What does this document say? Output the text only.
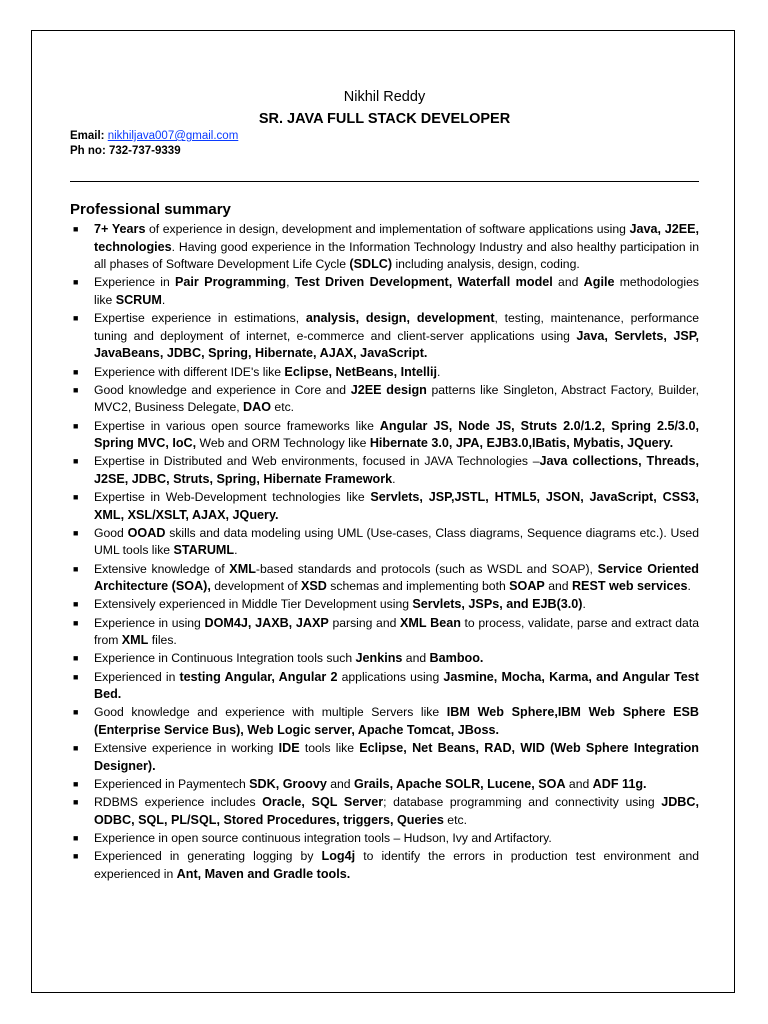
Nikhil Reddy
SR. JAVA FULL STACK DEVELOPER
Email: nikhiljava007@gmail.com
Ph no: 732-737-9339
Professional summary
■ 7+ Years of experience in design, development and implementation of software applications using Java, J2EE, technologies. Having good experience in the Information Technology Industry and also healthy participation in all phases of Software Development Life Cycle (SDLC) including analysis, design, coding.
■ Experience in Pair Programming, Test Driven Development, Waterfall model and Agile methodologies like SCRUM.
■ Expertise experience in estimations, analysis, design, development, testing, maintenance, performance tuning and deployment of internet, e-commerce and client-server applications using Java, Servlets, JSP, JavaBeans, JDBC, Spring, Hibernate, AJAX, JavaScript.
■ Experience with different IDE's like Eclipse, NetBeans, Intellij.
■ Good knowledge and experience in Core and J2EE design patterns like Singleton, Abstract Factory, Builder, MVC2, Business Delegate, DAO etc.
■ Expertise in various open source frameworks like Angular JS, Node JS, Struts 2.0/1.2, Spring 2.5/3.0, Spring MVC, IoC, Web and ORM Technology like Hibernate 3.0, JPA, EJB3.0,IBatis, Mybatis, JQuery.
■ Expertise in Distributed and Web environments, focused in JAVA Technologies –Java collections, Threads, J2SE, JDBC, Struts, Spring, Hibernate Framework.
■ Expertise in Web-Development technologies like Servlets, JSP,JSTL, HTML5, JSON, JavaScript, CSS3, XML, XSL/XSLT, AJAX, JQuery.
■ Good OOAD skills and data modeling using UML (Use-cases, Class diagrams, Sequence diagrams etc.). Used UML tools like STARUML.
■ Extensive knowledge of XML-based standards and protocols (such as WSDL and SOAP), Service Oriented Architecture (SOA), development of XSD schemas and implementing both SOAP and REST web services.
■ Extensively experienced in Middle Tier Development using Servlets, JSPs, and EJB(3.0).
■ Experience in using DOM4J, JAXB, JAXP parsing and XML Bean to process, validate, parse and extract data from XML files.
■ Experience in Continuous Integration tools such Jenkins and Bamboo.
■ Experienced in testing Angular, Angular 2 applications using Jasmine, Mocha, Karma, and Angular Test Bed.
■ Good knowledge and experience with multiple Servers like IBM Web Sphere,IBM Web Sphere ESB (Enterprise Service Bus), Web Logic server, Apache Tomcat, JBoss.
■ Extensive experience in working IDE tools like Eclipse, Net Beans, RAD, WID (Web Sphere Integration Designer).
■ Experienced in Paymentech SDK, Groovy and Grails, Apache SOLR, Lucene, SOA and ADF 11g.
■ RDBMS experience includes Oracle, SQL Server; database programming and connectivity using JDBC, ODBC, SQL, PL/SQL, Stored Procedures, triggers, Queries etc.
■ Experience in open source continuous integration tools – Hudson, Ivy and Artifactory.
■ Experienced in generating logging by Log4j to identify the errors in production test environment and experienced in Ant, Maven and Gradle tools.
